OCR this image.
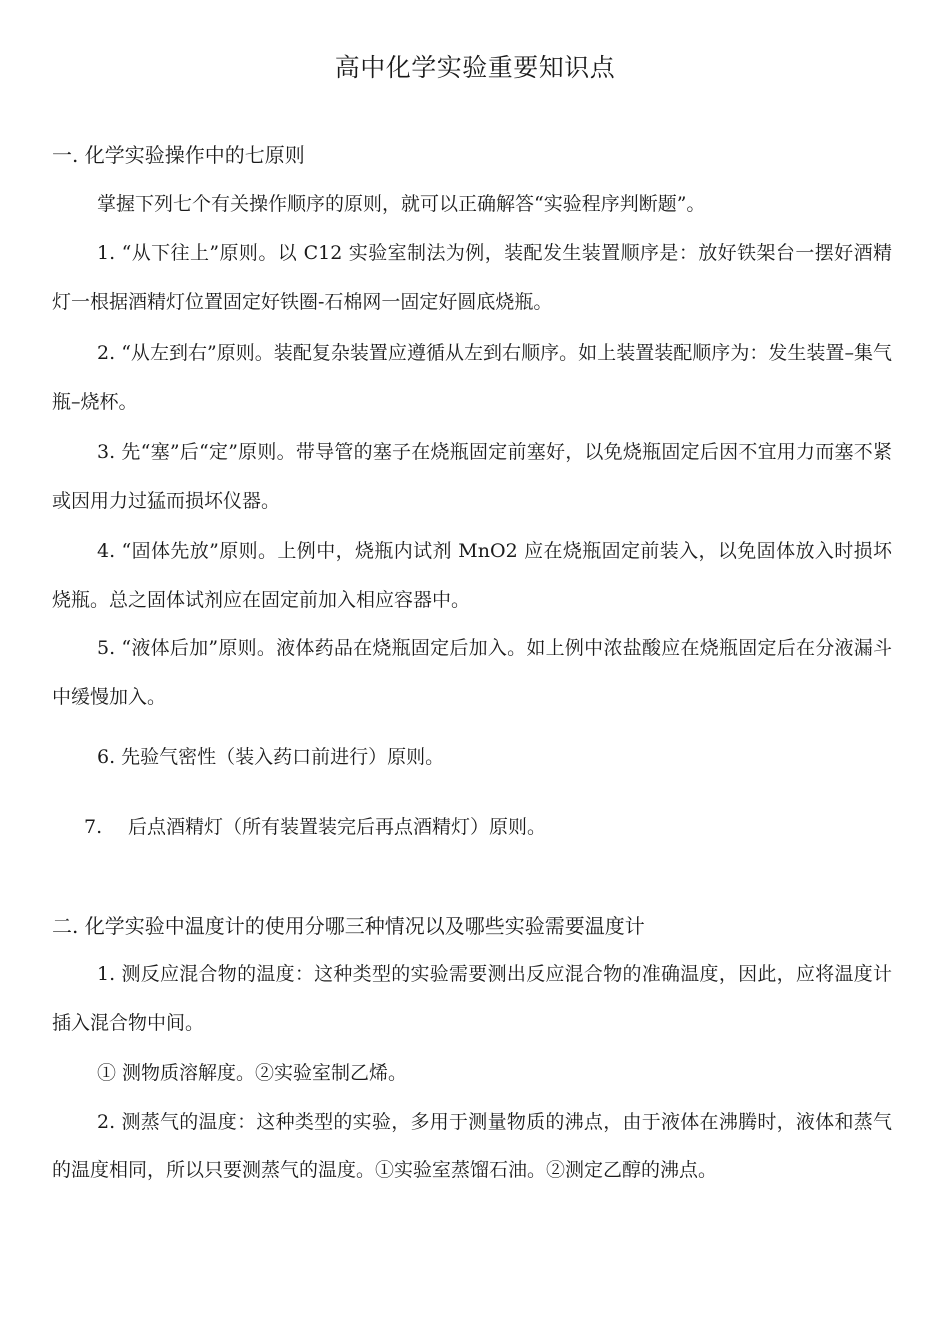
高中化学实验重要知识点
一. 化学实验操作中的七原则
掌握下列七个有关操作顺序的原则，就可以正确解答“实验程序判断题”。
1. “从下往上”原则。以 C12 实验室制法为例，装配发生装置顺序是：放好铁架台一摆好酒精灯一根据酒精灯位置固定好铁圈-石棉网一固定好圆底烧瓶。
2. “从左到右”原则。装配复杂装置应遵循从左到右顺序。如上装置装配顺序为：发生装置–集气瓶–烧杯。
3. 先“塞”后“定”原则。带导管的塞子在烧瓶固定前塞好，以免烧瓶固定后因不宜用力而塞不紧或因用力过猛而损坏仪器。
4. “固体先放”原则。上例中，烧瓶内试剂 MnO2 应在烧瓶固定前装入，以免固体放入时损坏烧瓶。总之固体试剂应在固定前加入相应容器中。
5. “液体后加”原则。液体药品在烧瓶固定后加入。如上例中浓盐酸应在烧瓶固定后在分液漏斗中缓慢加入。
6. 先验气密性（装入药口前进行）原则。
7. 后点酒精灯（所有装置装完后再点酒精灯）原则。
二. 化学实验中温度计的使用分哪三种情况以及哪些实验需要温度计
1. 测反应混合物的温度：这种类型的实验需要测出反应混合物的准确温度，因此，应将温度计插入混合物中间。
① 测物质溶解度。②实验室制乙烯。
2. 测蒸气的温度：这种类型的实验，多用于测量物质的沸点，由于液体在沸腾时，液体和蒸气的温度相同，所以只要测蒸气的温度。①实验室蒸馏石油。②测定乙醇的沸点。
